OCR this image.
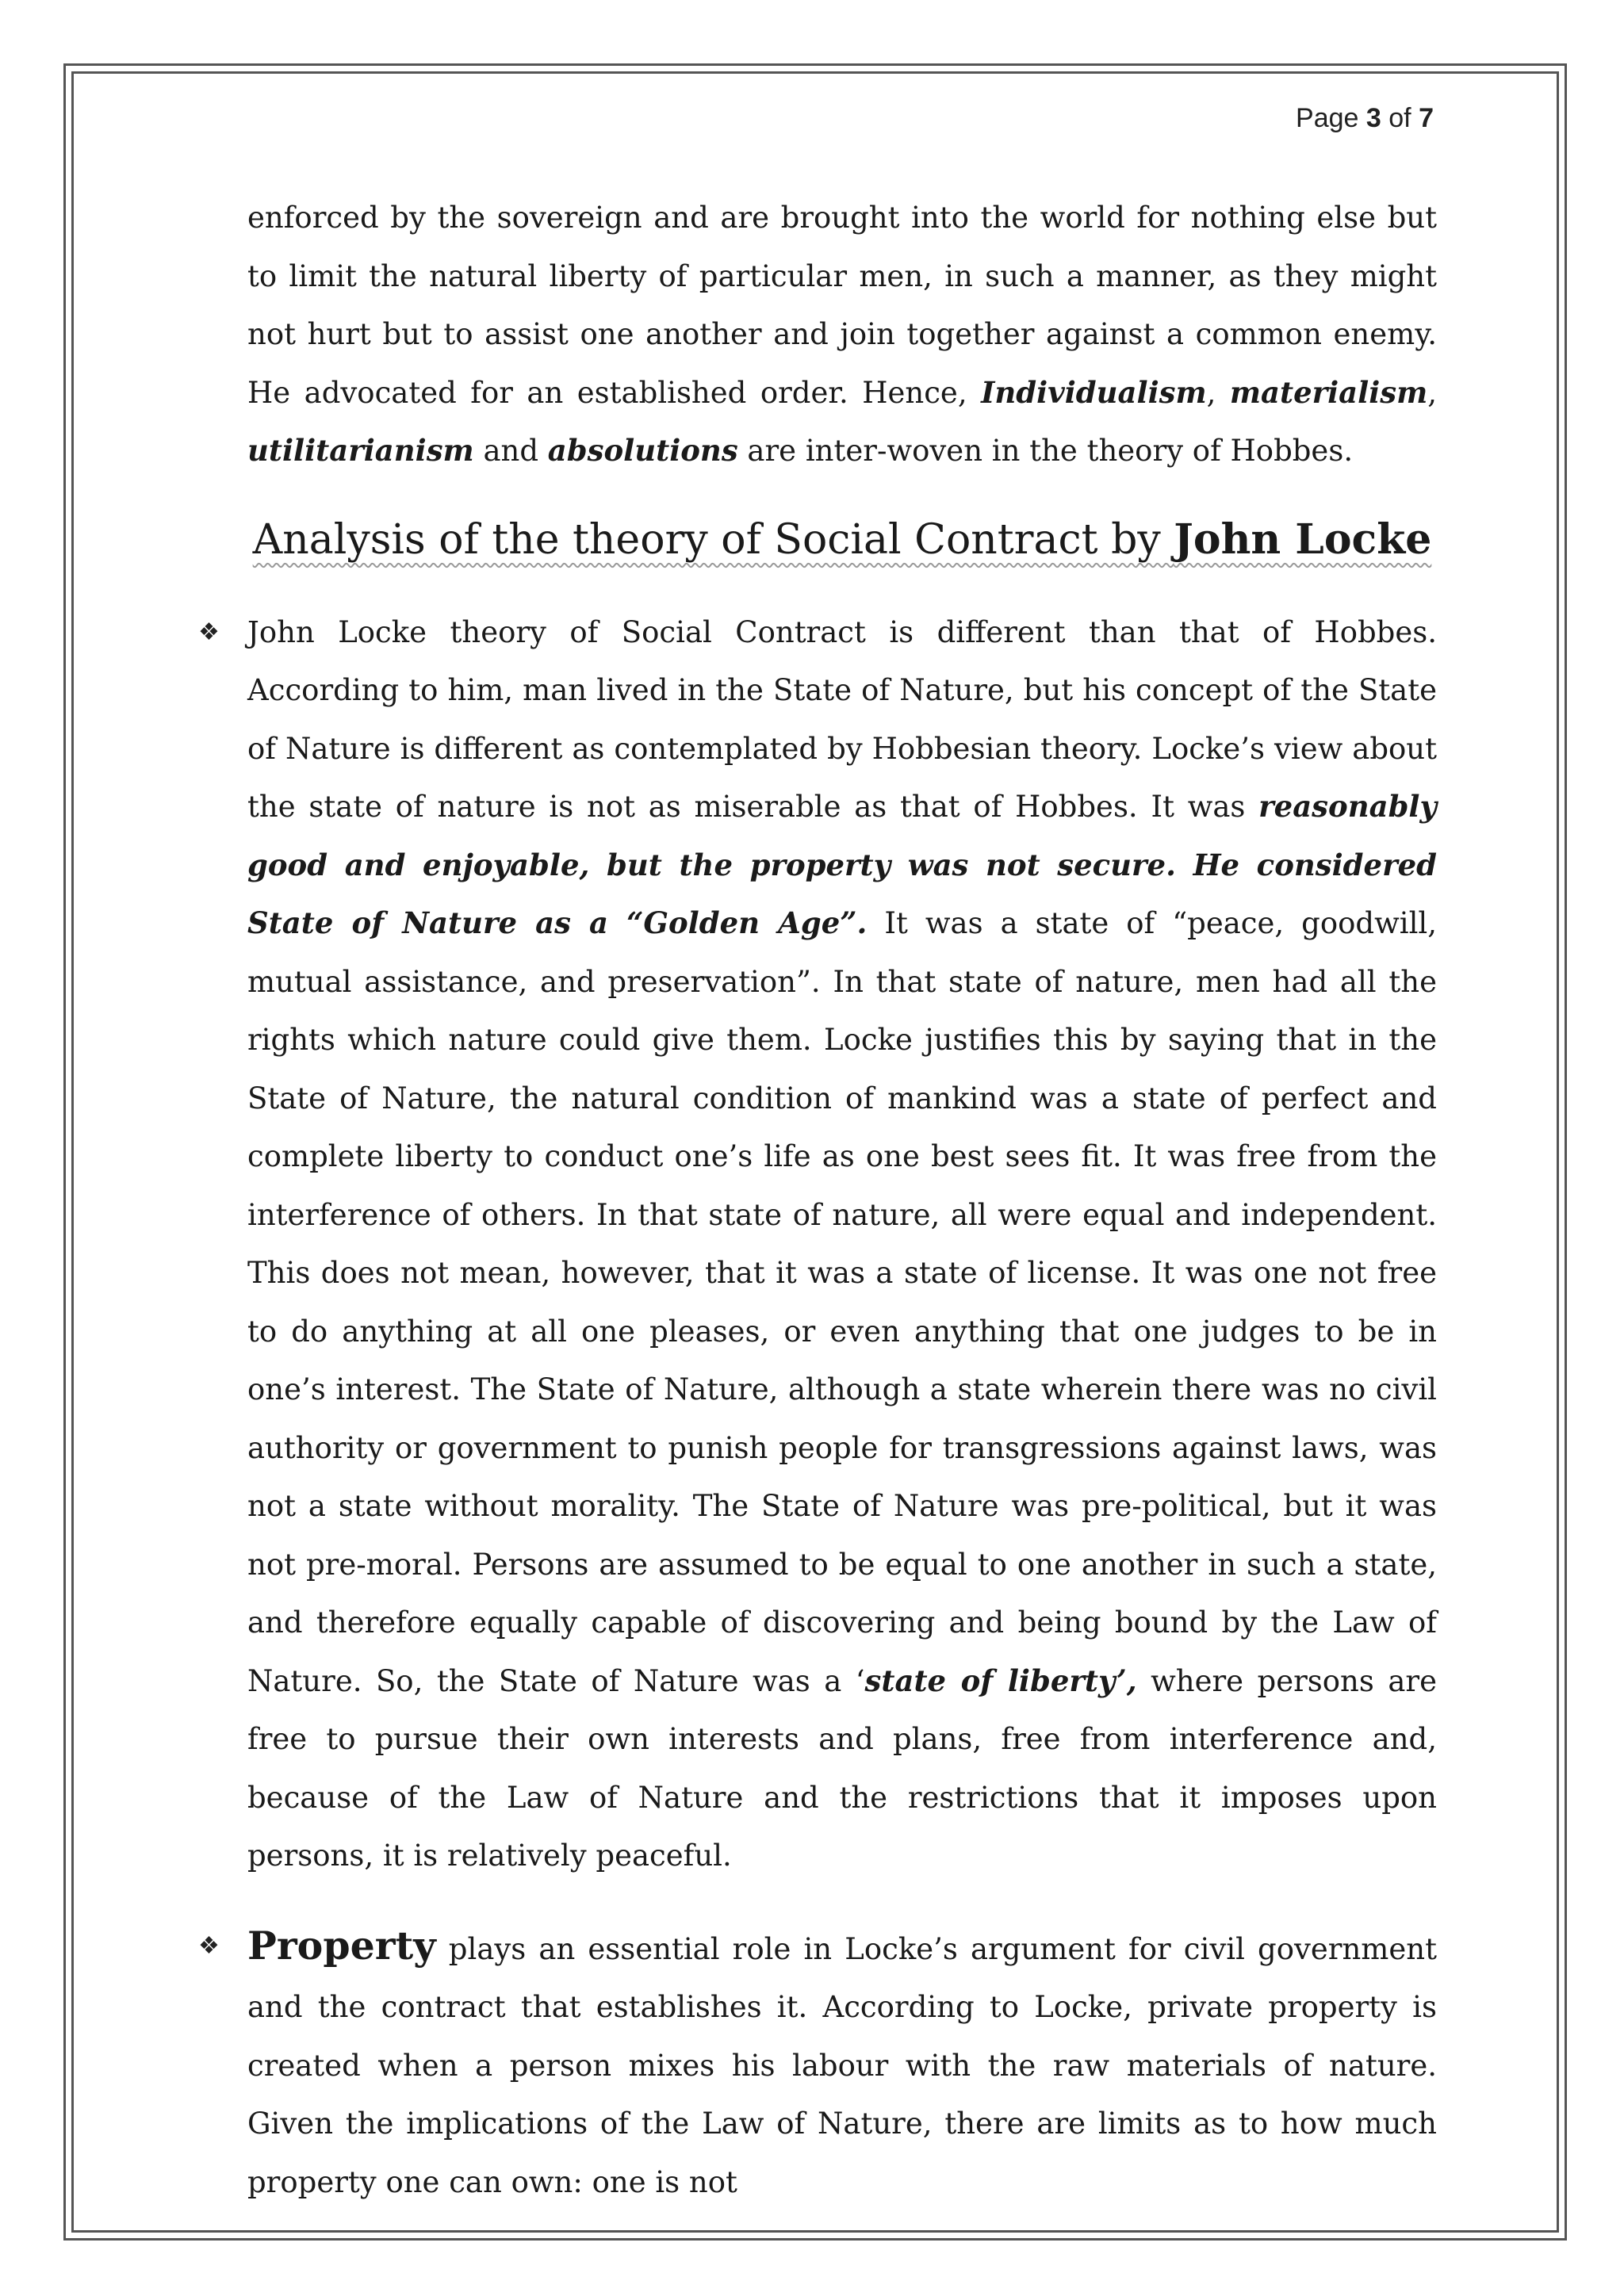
Page 3 of 7

enforced by the sovereign and are brought into the world for nothing else but to limit the natural liberty of particular men, in such a manner, as they might not hurt but to assist one another and join together against a common enemy. He advocated for an established order. Hence, Individualism, materialism, utilitarianism and absolutions are inter-woven in the theory of Hobbes.

Analysis of the theory of Social Contract by John Locke
❖ John Locke theory of Social Contract is different than that of Hobbes. According to him, man lived in the State of Nature, but his concept of the State of Nature is different as contemplated by Hobbesian theory. Locke’s view about the state of nature is not as miserable as that of Hobbes. It was reasonably good and enjoyable, but the property was not secure. He considered State of Nature as a “Golden Age”. It was a state of “peace, goodwill, mutual assistance, and preservation”. In that state of nature, men had all the rights which nature could give them. Locke justifies this by saying that in the State of Nature, the natural condition of mankind was a state of perfect and complete liberty to conduct one’s life as one best sees fit. It was free from the interference of others. In that state of nature, all were equal and independent. This does not mean, however, that it was a state of license. It was one not free to do anything at all one pleases, or even anything that one judges to be in one’s interest. The State of Nature, although a state wherein there was no civil authority or government to punish people for transgressions against laws, was not a state without morality. The State of Nature was pre-political, but it was not pre-moral. Persons are assumed to be equal to one another in such a state, and therefore equally capable of discovering and being bound by the Law of Nature. So, the State of Nature was a ‘state of liberty’, where persons are free to pursue their own interests and plans, free from interference and, because of the Law of Nature and the restrictions that it imposes upon persons, it is relatively peaceful.

❖ Property plays an essential role in Locke’s argument for civil government and the contract that establishes it. According to Locke, private property is created when a person mixes his labour with the raw materials of nature. Given the implications of the Law of Nature, there are limits as to how much property one can own: one is not
